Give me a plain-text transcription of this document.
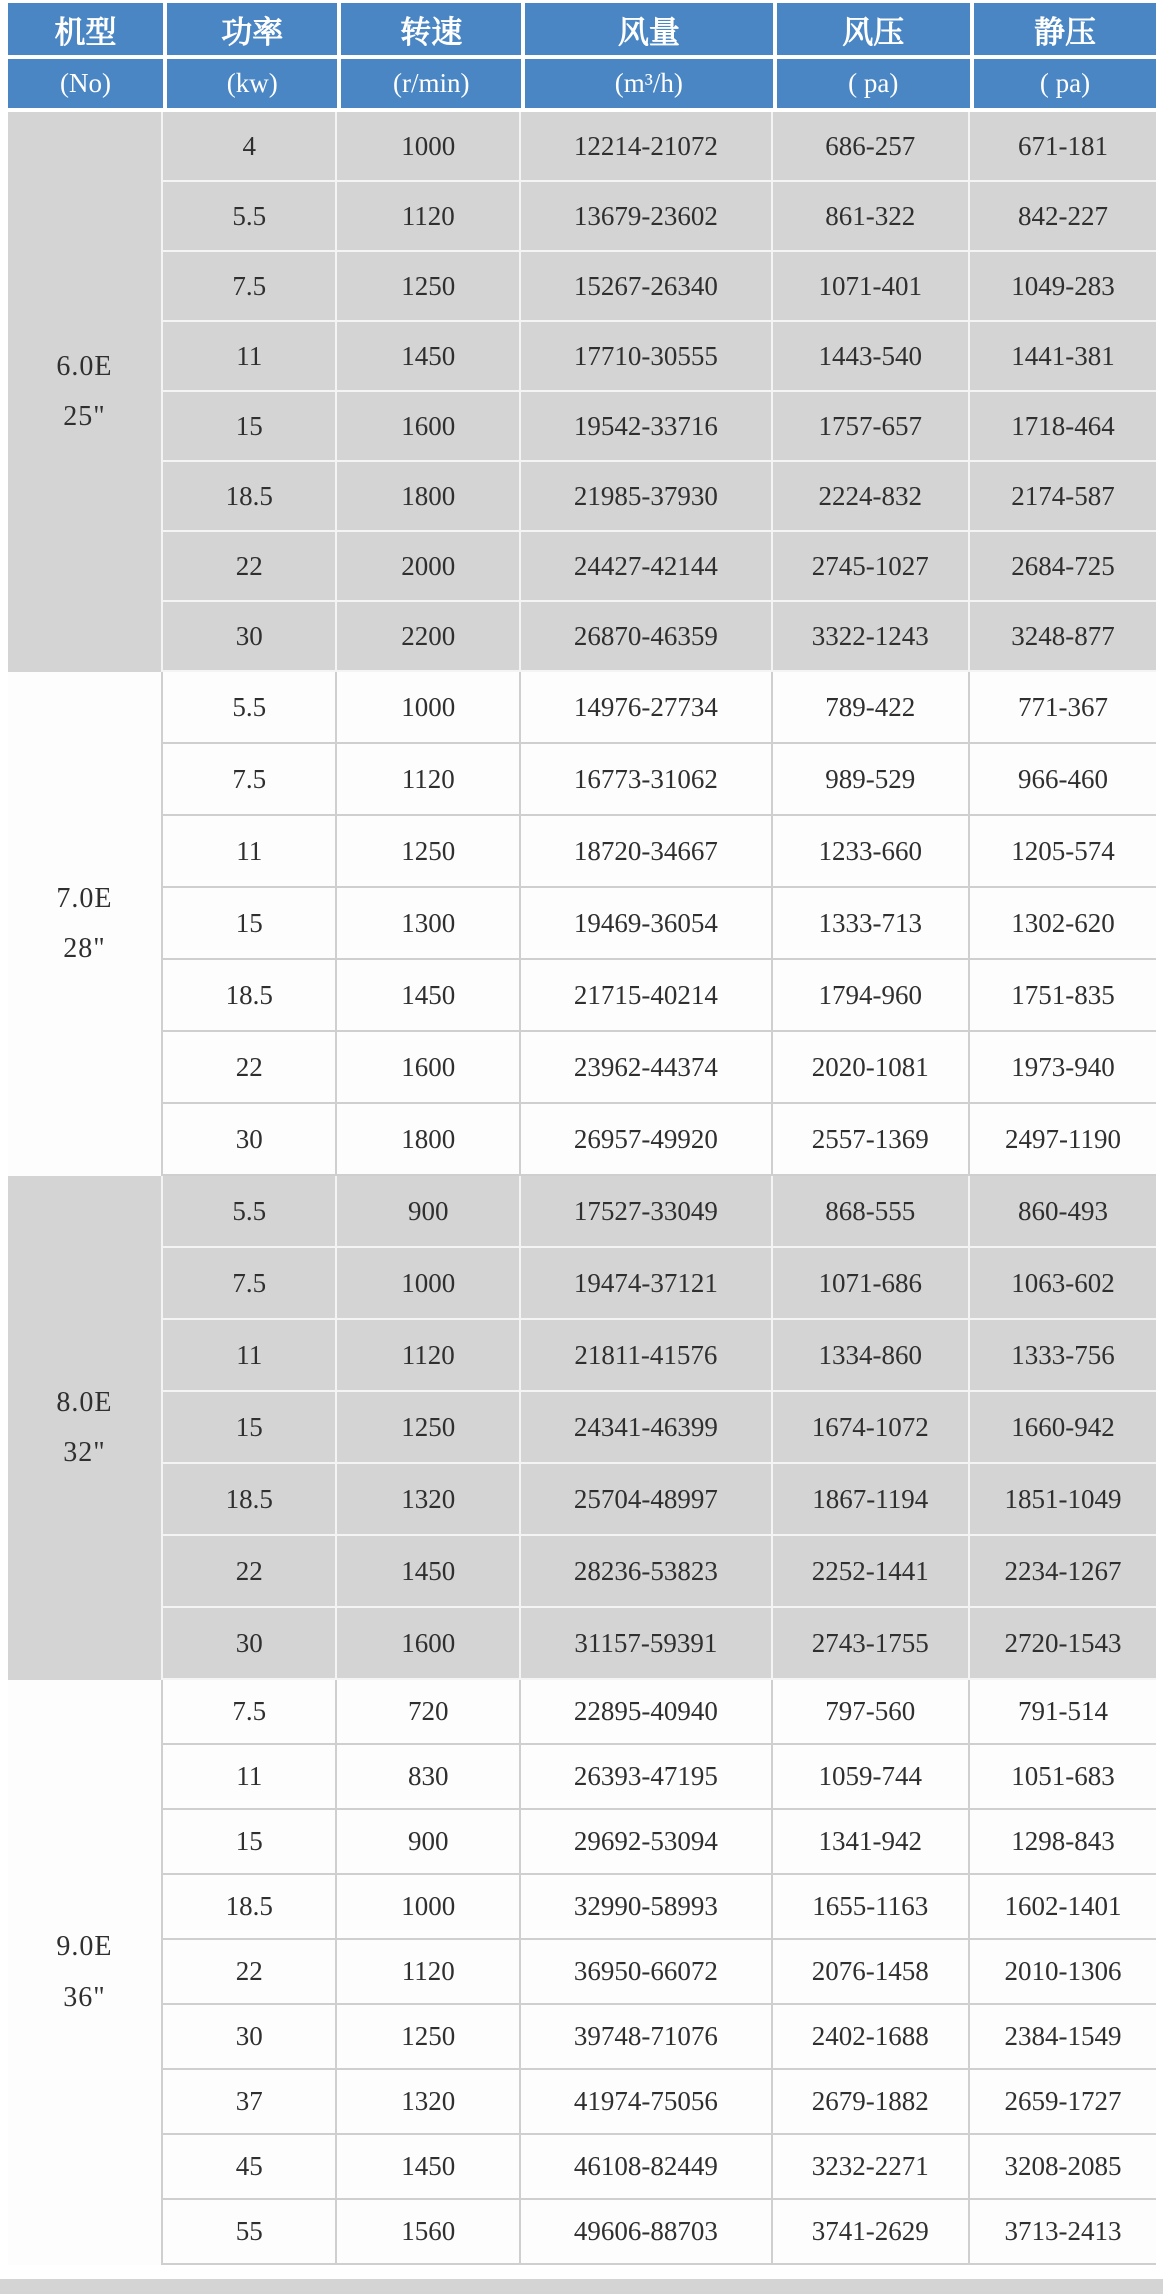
机型	功率	转速	风量	风压	静压
(No)	(kw)	(r/min)	(m³/h)	( pa)	( pa)

6.0E
25"	4	1000	12214-21072	686-257	671-181
	5.5	1120	13679-23602	861-322	842-227
	7.5	1250	15267-26340	1071-401	1049-283
	11	1450	17710-30555	1443-540	1441-381
	15	1600	19542-33716	1757-657	1718-464
	18.5	1800	21985-37930	2224-832	2174-587
	22	2000	24427-42144	2745-1027	2684-725
	30	2200	26870-46359	3322-1243	3248-877

7.0E
28"	5.5	1000	14976-27734	789-422	771-367
	7.5	1120	16773-31062	989-529	966-460
	11	1250	18720-34667	1233-660	1205-574
	15	1300	19469-36054	1333-713	1302-620
	18.5	1450	21715-40214	1794-960	1751-835
	22	1600	23962-44374	2020-1081	1973-940
	30	1800	26957-49920	2557-1369	2497-1190

8.0E
32"	5.5	900	17527-33049	868-555	860-493
	7.5	1000	19474-37121	1071-686	1063-602
	11	1120	21811-41576	1334-860	1333-756
	15	1250	24341-46399	1674-1072	1660-942
	18.5	1320	25704-48997	1867-1194	1851-1049
	22	1450	28236-53823	2252-1441	2234-1267
	30	1600	31157-59391	2743-1755	2720-1543

9.0E
36"	7.5	720	22895-40940	797-560	791-514
	11	830	26393-47195	1059-744	1051-683
	15	900	29692-53094	1341-942	1298-843
	18.5	1000	32990-58993	1655-1163	1602-1401
	22	1120	36950-66072	2076-1458	2010-1306
	30	1250	39748-71076	2402-1688	2384-1549
	37	1320	41974-75056	2679-1882	2659-1727
	45	1450	46108-82449	3232-2271	3208-2085
	55	1560	49606-88703	3741-2629	3713-2413
